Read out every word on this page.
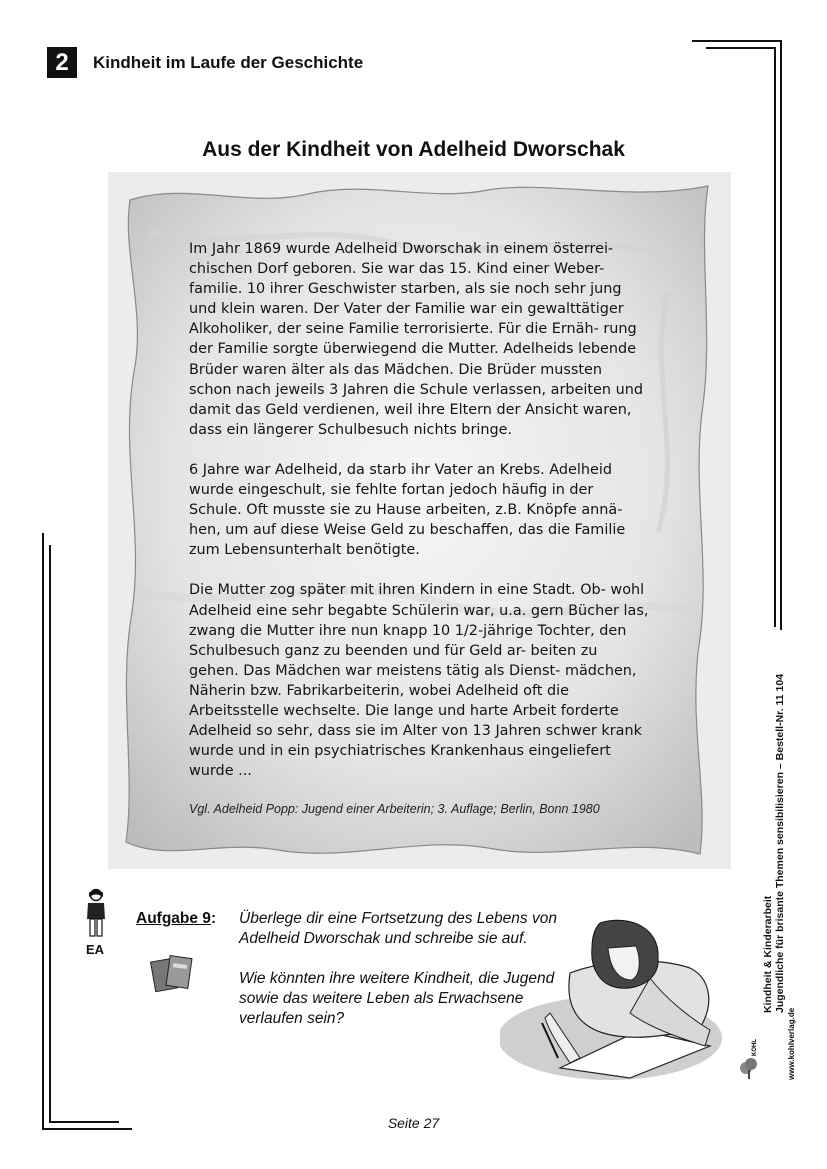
2	Kindheit im Laufe der Geschichte
Aus der Kindheit von Adelheid Dworschak

Im Jahr 1869 wurde Adelheid Dworschak in einem österrei- chischen Dorf geboren. Sie war das 15. Kind einer Weber- familie. 10 ihrer Geschwister starben, als sie noch sehr jung und klein waren. Der Vater der Familie war ein gewalttätiger Alkoholiker, der seine Familie terrorisierte. Für die Ernäh- rung der Familie sorgte überwiegend die Mutter. Adelheids lebende Brüder waren älter als das Mädchen. Die Brüder mussten schon nach jeweils 3 Jahren die Schule verlassen, arbeiten und damit das Geld verdienen, weil ihre Eltern der Ansicht waren, dass ein längerer Schulbesuch nichts bringe.

6 Jahre war Adelheid, da starb ihr Vater an Krebs. Adelheid wurde eingeschult, sie fehlte fortan jedoch häufig in der Schule. Oft musste sie zu Hause arbeiten, z.B. Knöpfe annä- hen, um auf diese Weise Geld zu beschaffen, das die Familie zum Lebensunterhalt benötigte.

Die Mutter zog später mit ihren Kindern in eine Stadt. Ob- wohl Adelheid eine sehr begabte Schülerin war, u.a. gern Bücher las, zwang die Mutter ihre nun knapp 10 1/2-jährige Tochter, den Schulbesuch ganz zu beenden und für Geld ar- beiten zu gehen. Das Mädchen war meistens tätig als Dienst- mädchen, Näherin bzw. Fabrikarbeiterin, wobei Adelheid oft die Arbeitsstelle wechselte. Die lange und harte Arbeit forderte Adelheid so sehr, dass sie im Alter von 13 Jahren schwer krank wurde und in ein psychiatrisches Krankenhaus eingeliefert wurde ...

Vgl. Adelheid Popp: Jugend einer Arbeiterin; 3. Auflage; Berlin, Bonn 1980
EA
Aufgabe 9: Überlege dir eine Fortsetzung des Lebens von Adelheid Dworschak und schreibe sie auf.

Wie könnten ihre weitere Kindheit, die Jugend sowie das weitere Leben als Erwachsene verlaufen sein?

Seite 27
KOHL
Kindheit & Kinderarbeit Jugendliche für brisante Themen sensibilisieren – Bestell-Nr. 11 104
www.kohlverlag.de
